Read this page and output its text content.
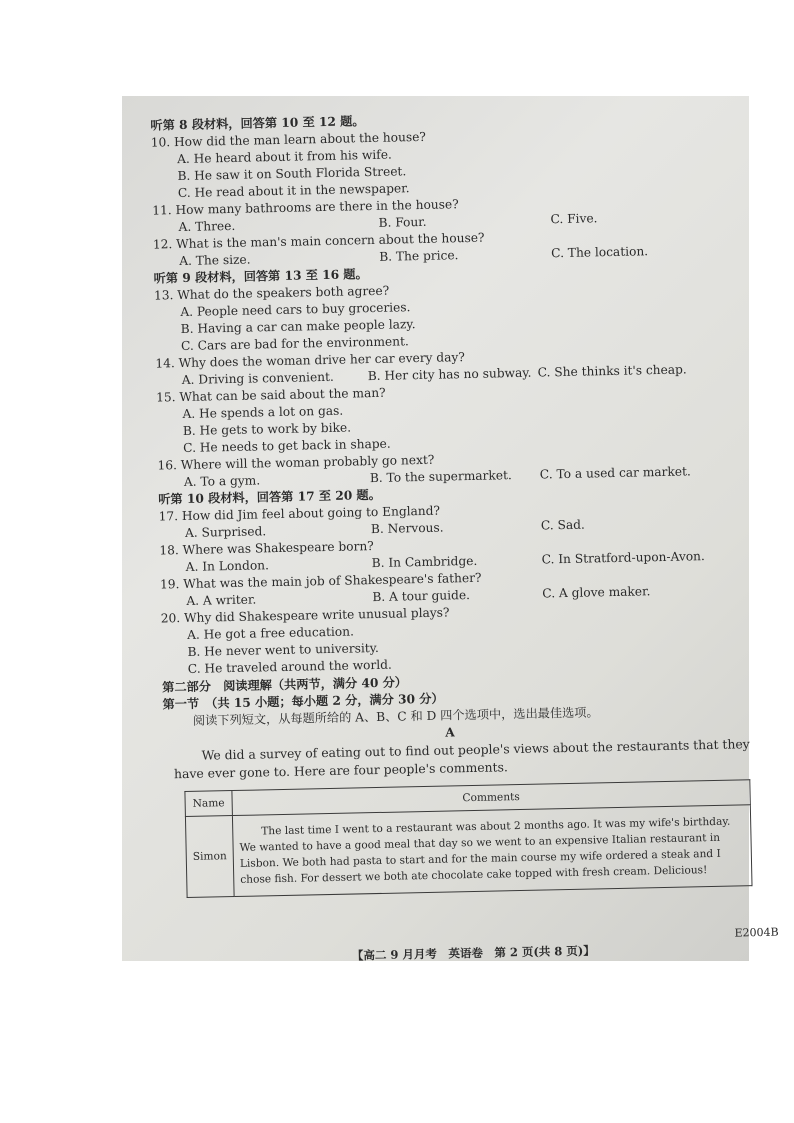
听第 8 段材料，回答第 10 至 12 题。
10. How did the man learn about the house?
A. He heard about it from his wife.
B. He saw it on South Florida Street.
C. He read about it in the newspaper.
11. How many bathrooms are there in the house?
A. Three.	B. Four.	C. Five.
12. What is the man's main concern about the house?
A. The size.	B. The price.	C. The location.
听第 9 段材料，回答第 13 至 16 题。
13. What do the speakers both agree?
A. People need cars to buy groceries.
B. Having a car can make people lazy.
C. Cars are bad for the environment.
14. Why does the woman drive her car every day?
A. Driving is convenient.	B. Her city has no subway. C. She thinks it's cheap.
15. What can be said about the man?
A. He spends a lot on gas.
B. He gets to work by bike.
C. He needs to get back in shape.
16. Where will the woman probably go next?
A. To a gym.	B. To the supermarket. C. To a used car market.
听第 10 段材料，回答第 17 至 20 题。
17. How did Jim feel about going to England?
A. Surprised.	B. Nervous.	C. Sad.
18. Where was Shakespeare born?
A. In London.	B. In Cambridge.	C. In Stratford-upon-Avon.
19. What was the main job of Shakespeare's father?
A. A writer.	B. A tour guide.	C. A glove maker.
20. Why did Shakespeare write unusual plays?
A. He got a free education.
B. He never went to university.
C. He traveled around the world.
第二部分　阅读理解（共两节，满分 40 分）
第一节　（共 15 小题；每小题 2 分，满分 30 分）
阅读下列短文，从每题所给的 A、B、C 和 D 四个选项中，选出最佳选项。
A
We did a survey of eating out to find out people's views about the restaurants that they have ever gone to. Here are four people's comments.
Name	Comments
Simon	The last time I went to a restaurant was about 2 months ago. It was my wife's birthday. We wanted to have a good meal that day so we went to an expensive Italian restaurant in Lisbon. We both had pasta to start and for the main course my wife ordered a steak and I chose fish. For dessert we both ate chocolate cake topped with fresh cream. Delicious!
E2004B
【高二 9 月月考　英语卷　第 2 页(共 8 页)】
